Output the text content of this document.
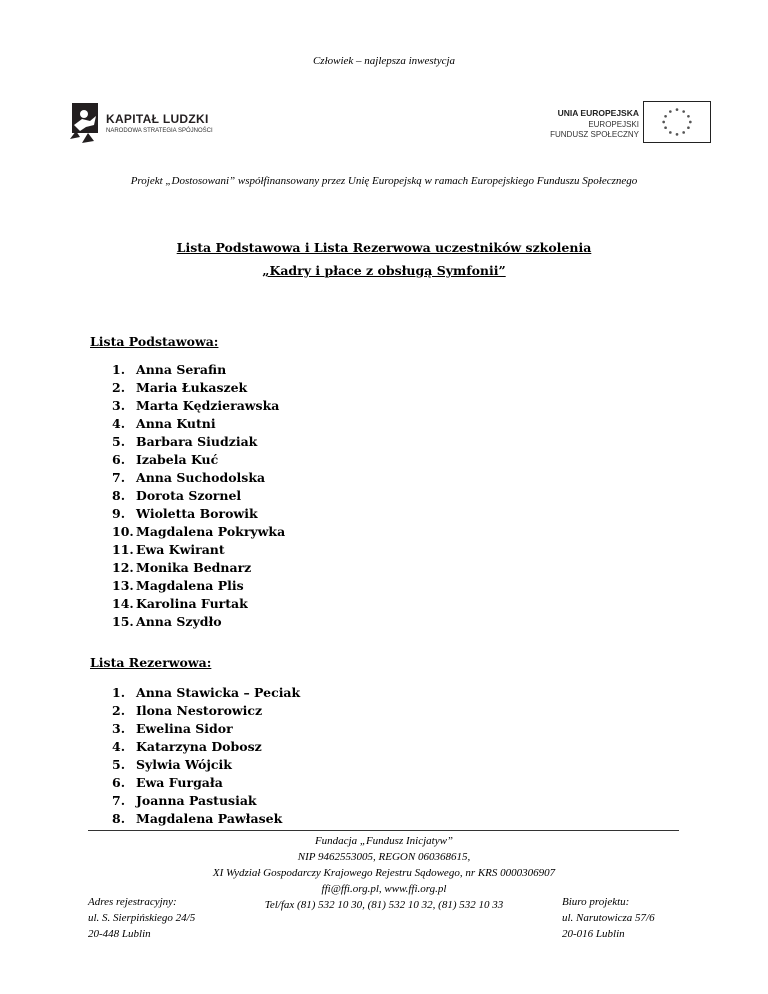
Człowiek – najlepsza inwestycja
KAPITAŁ LUDZKI
NARODOWA STRATEGIA SPÓJNOŚCI
UNIA EUROPEJSKA
EUROPEJSKI
FUNDUSZ SPOŁECZNY
Projekt „Dostosowani” współfinansowany przez Unię Europejską w ramach Europejskiego Funduszu Społecznego
Lista Podstawowa i Lista Rezerwowa uczestników szkolenia
„Kadry i płace z obsługą Symfonii”
Lista Podstawowa:
1. Anna Serafin
2. Maria Łukaszek
3. Marta Kędzierawska
4. Anna Kutni
5. Barbara Siudziak
6. Izabela Kuć
7. Anna Suchodolska
8. Dorota Szornel
9. Wioletta Borowik
10. Magdalena Pokrywka
11. Ewa Kwirant
12. Monika Bednarz
13. Magdalena Plis
14. Karolina Furtak
15. Anna Szydło
Lista Rezerwowa:
1. Anna Stawicka – Peciak
2. Ilona Nestorowicz
3. Ewelina Sidor
4. Katarzyna Dobosz
5. Sylwia Wójcik
6. Ewa Furgała
7. Joanna Pastusiak
8. Magdalena Pawłasek
Fundacja „Fundusz Inicjatyw”
NIP 9462553005, REGON 060368615,
XI Wydział Gospodarczy Krajowego Rejestru Sądowego, nr KRS 0000306907
ffi@ffi.org.pl, www.ffi.org.pl
Tel/fax (81) 532 10 30, (81) 532 10 32, (81) 532 10 33
Adres rejestracyjny:
ul. S. Sierpińskiego 24/5
20-448 Lublin
Biuro projektu:
ul. Narutowicza 57/6
20-016 Lublin
